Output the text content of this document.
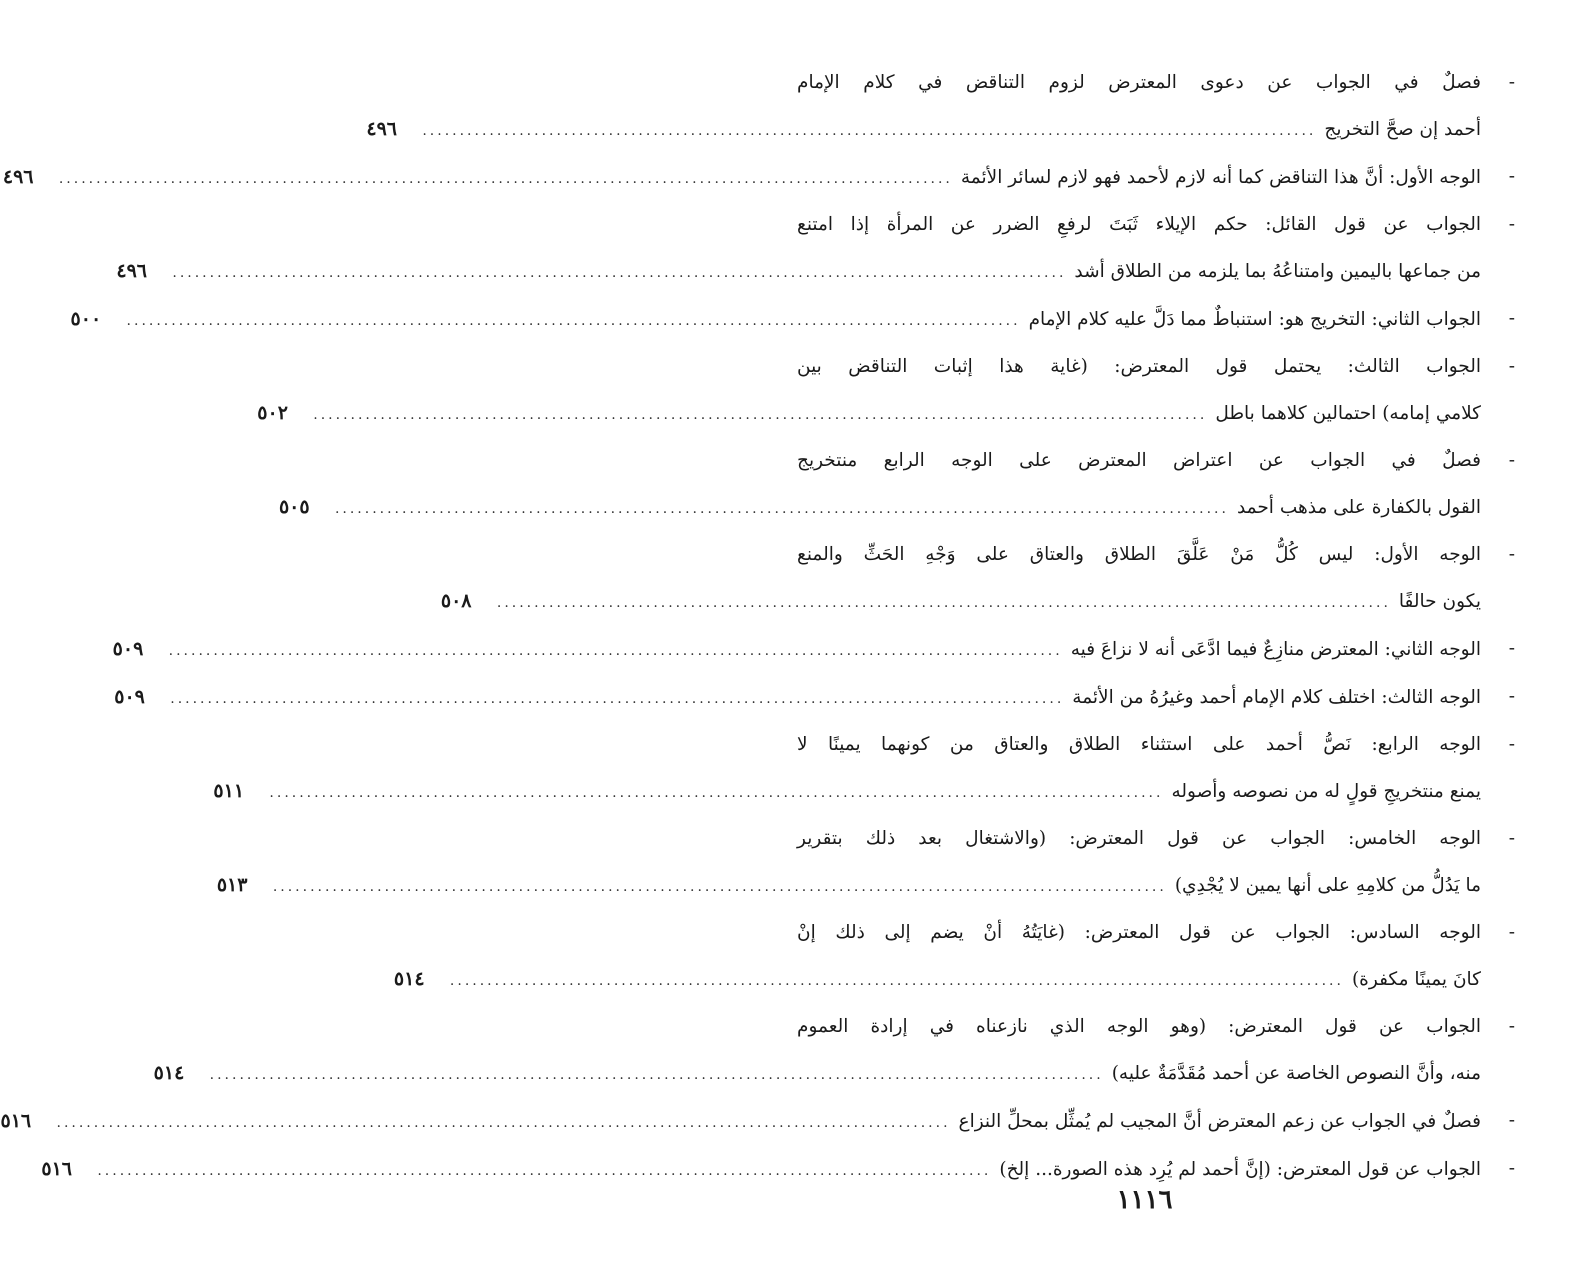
-
فصلٌ في الجواب عن دعوى المعترض لزوم التناقض في كلام الإمام
أحمد إن صحَّ التخريج
........................................................................................................................
٤٩٦
-
الوجه الأول: أنَّ هذا التناقض كما أنه لازم لأحمد فهو لازم لسائر الأئمة
........................................................................................................................
٤٩٦
-
الجواب عن قول القائل: حكم الإيلاء ثَبَتَ لرفعِ الضرر عن المرأة إذا امتنع
من جماعها باليمين وامتناعُهُ بما يلزمه من الطلاق أشد
........................................................................................................................
٤٩٦
-
الجواب الثاني: التخريج هو: استنباطٌ مما دَلَّ عليه كلام الإمام
........................................................................................................................
٥٠٠
-
الجواب الثالث: يحتمل قول المعترض: (غاية هذا إثبات التناقض بين
كلامي إمامه) احتمالين كلاهما باطل
........................................................................................................................
٥٠٢
-
فصلٌ في الجواب عن اعتراض المعترض على الوجه الرابع منتخريج
القول بالكفارة على مذهب أحمد
........................................................................................................................
٥٠٥
-
الوجه الأول: ليس كُلُّ مَنْ عَلَّقَ الطلاق والعتاق على وَجْهِ الحَثِّ والمنع
يكون حالفًا
........................................................................................................................
٥٠٨
-
الوجه الثاني: المعترض منازِعٌ فيما ادَّعَى أنه لا نزاعَ فيه
........................................................................................................................
٥٠٩
-
الوجه الثالث: اختلف كلام الإمام أحمد وغيرُهُ من الأئمة
........................................................................................................................
٥٠٩
-
الوجه الرابع: نَصُّ أحمد على استثناء الطلاق والعتاق من كونهما يمينًا لا
يمنع منتخريجِ قولٍ له من نصوصه وأصوله
........................................................................................................................
٥١١
-
الوجه الخامس: الجواب عن قول المعترض: (والاشتغال بعد ذلك بتقرير
ما يَدُلُّ من كلامِهِ على أنها يمين لا يُجْدِي)
........................................................................................................................
٥١٣
-
الوجه السادس: الجواب عن قول المعترض: (غايَتُهُ أنْ يضم إلى ذلك إنْ
كانَ يمينًا مكفرة)
........................................................................................................................
٥١٤
-
الجواب عن قول المعترض: (وهو الوجه الذي نازعناه في إرادة العموم
منه، وأنَّ النصوص الخاصة عن أحمد مُقَدَّمَةٌ عليه)
........................................................................................................................
٥١٤
-
فصلٌ في الجواب عن زعم المعترض أنَّ المجيب لم يُمثِّل بمحلِّ النزاع
........................................................................................................................
٥١٦
-
الجواب عن قول المعترض: (إنَّ أحمد لم يُرِد هذه الصورة... إلخ)
........................................................................................................................
٥١٦
١١١٦
